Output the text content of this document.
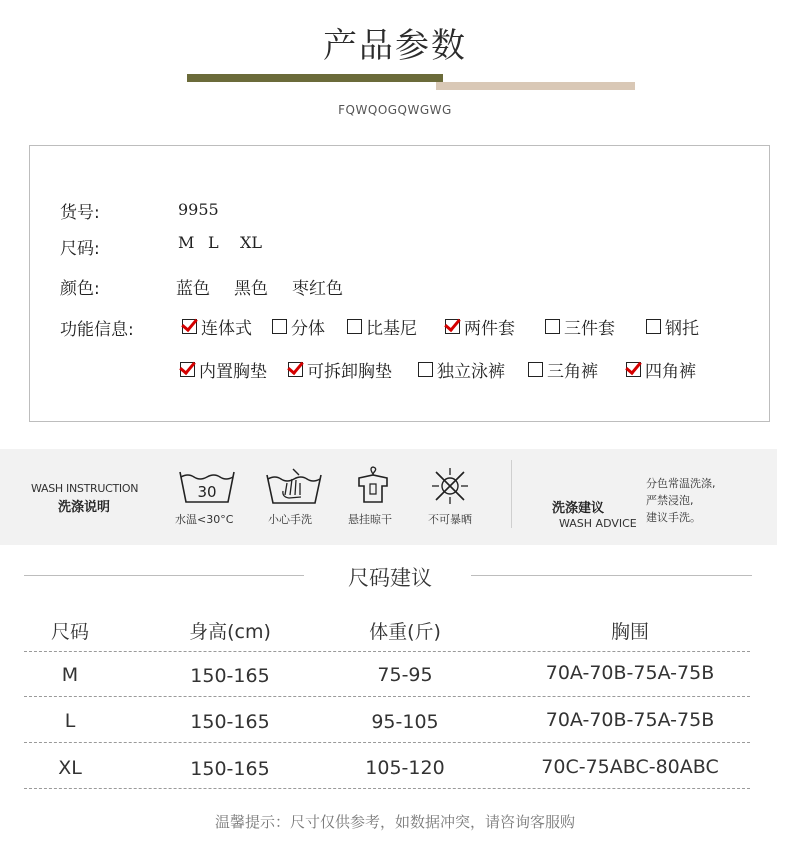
产品参数
FQWQOGQWGWG
货号:	9955
尺码:	M L XL
颜色:	蓝色 黑色 枣红色
功能信息:	连体式 分体 比基尼	两件套	三件套	钢托
内置胸垫 可拆卸胸垫	独立泳裤 三角裤	四角裤
WASH INSTRUCTION
洗涤说明
30
水温<30°C	小心手洗	悬挂晾干	不可暴晒
洗涤建议
WASH ADVICE
分色常温洗涤,
严禁浸泡,
建议手洗。
尺码建议
尺码	身高(cm)	体重(斤)	胸围
M	150-165	75-95	70A-70B-75A-75B
L	150-165	95-105	70A-70B-75A-75B
XL	150-165	105-120	70C-75ABC-80ABC
温馨提示：尺寸仅供参考，如数据冲突，请咨询客服购
